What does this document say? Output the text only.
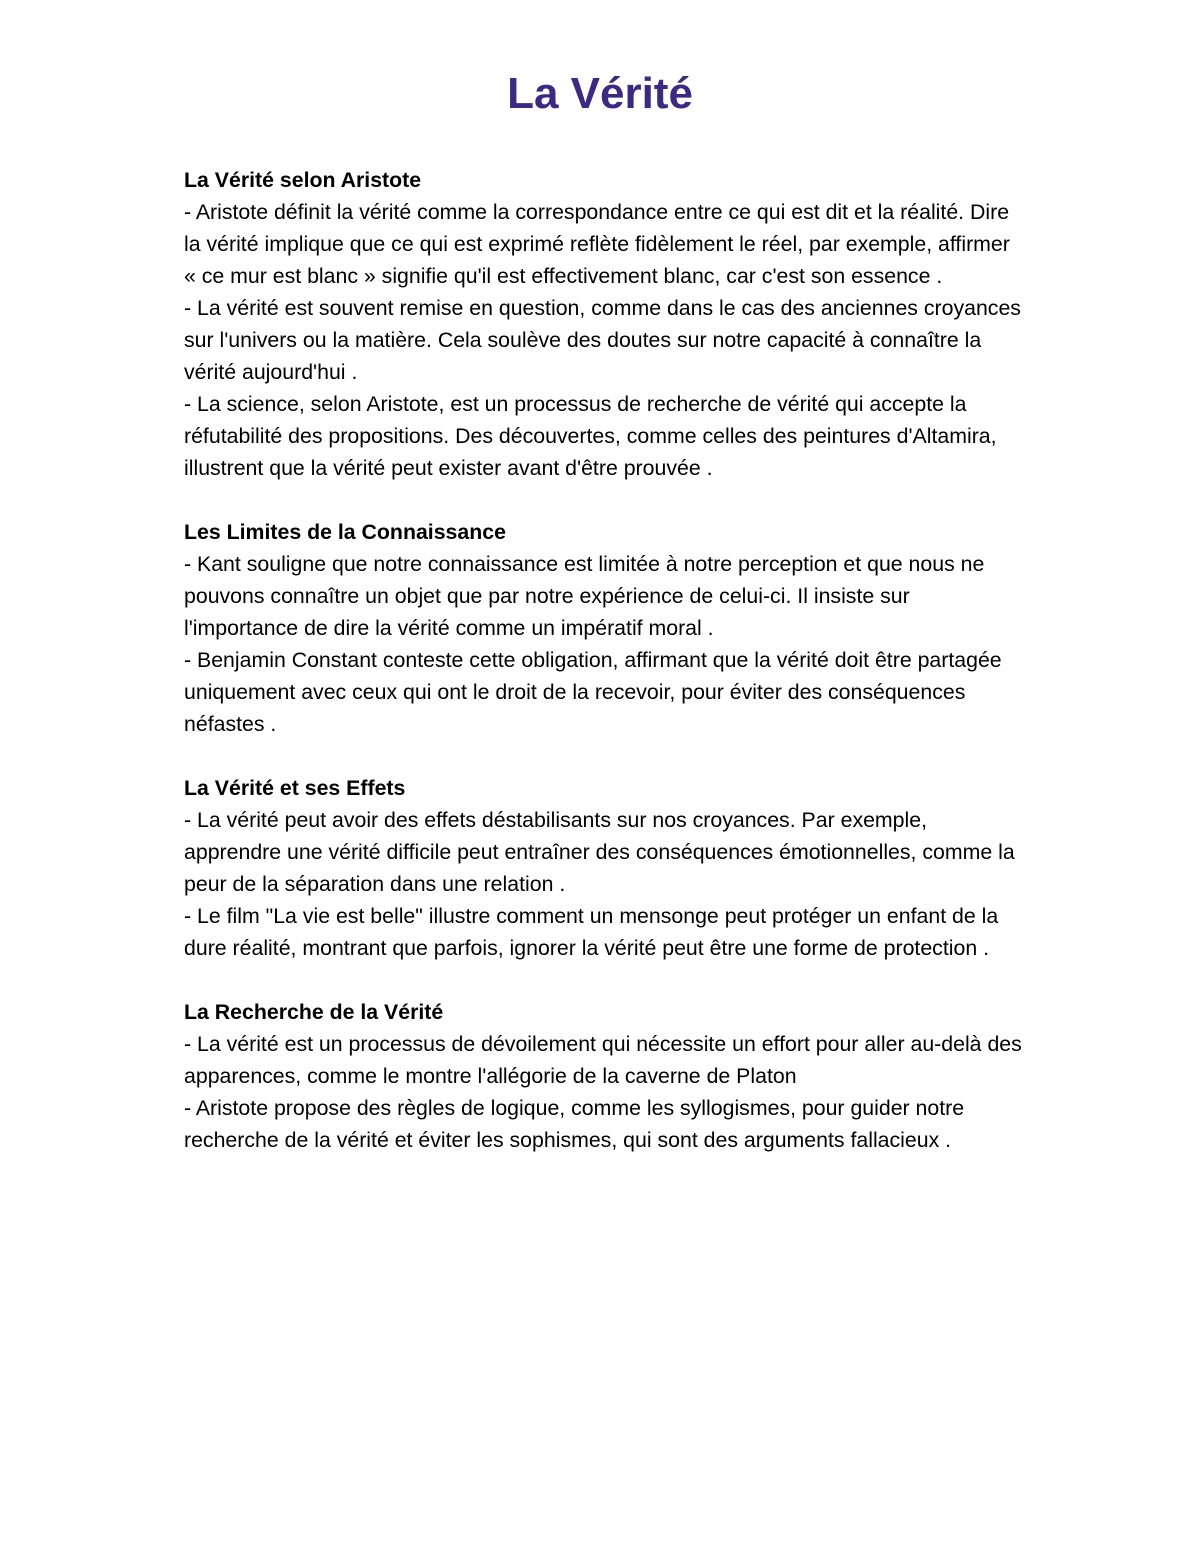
La Vérité

La Vérité selon Aristote

- Aristote définit la vérité comme la correspondance entre ce qui est dit et la réalité. Dire la vérité implique que ce qui est exprimé reflète fidèlement le réel, par exemple, affirmer « ce mur est blanc » signifie qu'il est effectivement blanc, car c'est son essence .

- La vérité est souvent remise en question, comme dans le cas des anciennes croyances sur l'univers ou la matière. Cela soulève des doutes sur notre capacité à connaître la vérité aujourd'hui .

- La science, selon Aristote, est un processus de recherche de vérité qui accepte la réfutabilité des propositions. Des découvertes, comme celles des peintures d'Altamira, illustrent que la vérité peut exister avant d'être prouvée .

Les Limites de la Connaissance

- Kant souligne que notre connaissance est limitée à notre perception et que nous ne pouvons connaître un objet que par notre expérience de celui-ci. Il insiste sur l'importance de dire la vérité comme un impératif moral .

- Benjamin Constant conteste cette obligation, affirmant que la vérité doit être partagée uniquement avec ceux qui ont le droit de la recevoir, pour éviter des conséquences néfastes .

La Vérité et ses Effets

- La vérité peut avoir des effets déstabilisants sur nos croyances. Par exemple, apprendre une vérité difficile peut entraîner des conséquences émotionnelles, comme la peur de la séparation dans une relation .

- Le film "La vie est belle" illustre comment un mensonge peut protéger un enfant de la dure réalité, montrant que parfois, ignorer la vérité peut être une forme de protection .

La Recherche de la Vérité

- La vérité est un processus de dévoilement qui nécessite un effort pour aller au-delà des apparences, comme le montre l'allégorie de la caverne de Platon

- Aristote propose des règles de logique, comme les syllogismes, pour guider notre recherche de la vérité et éviter les sophismes, qui sont des arguments fallacieux .
